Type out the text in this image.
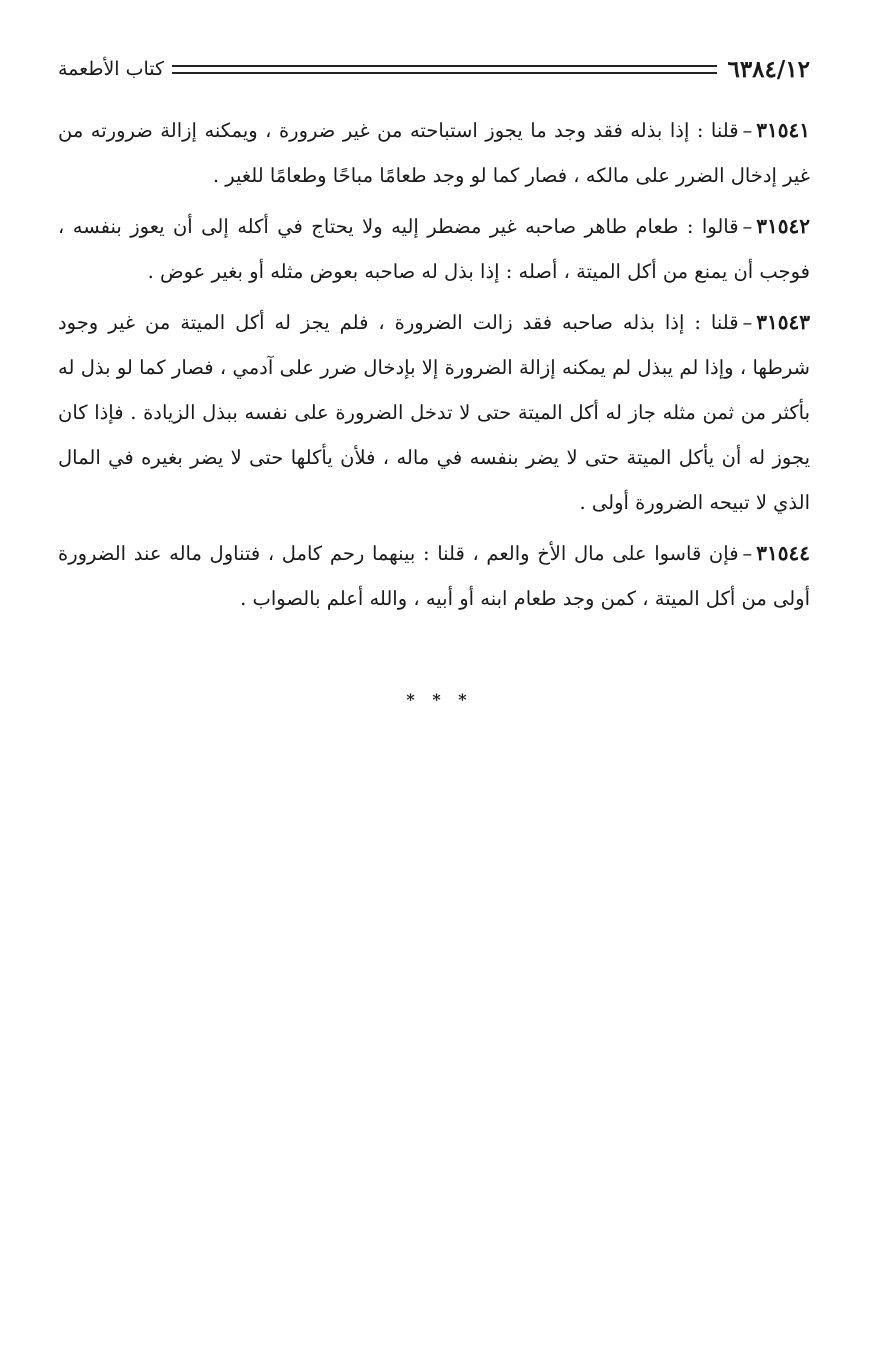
٦٣٨٤/١٢
كتاب الأطعمة

٣١٥٤١–قلنا : إذا بذله فقد وجد ما يجوز استباحته من غير ضرورة ، ويمكنه إزالة ضرورته من غير إدخال الضرر على مالكه ، فصار كما لو وجد طعامًا مباحًا وطعامًا للغير .

٣١٥٤٢–قالوا : طعام طاهر صاحبه غير مضطر إليه ولا يحتاج في أكله إلى أن يعوز بنفسه ، فوجب أن يمنع من أكل الميتة ، أصله : إذا بذل له صاحبه بعوض مثله أو بغير عوض .

٣١٥٤٣–قلنا : إذا بذله صاحبه فقد زالت الضرورة ، فلم يجز له أكل الميتة من غير وجود شرطها ، وإذا لم يبذل لم يمكنه إزالة الضرورة إلا بإدخال ضرر على آدمي ، فصار كما لو بذل له بأكثر من ثمن مثله جاز له أكل الميتة حتى لا تدخل الضرورة على نفسه ببذل الزيادة . فإذا كان يجوز له أن يأكل الميتة حتى لا يضر بنفسه في ماله ، فلأن يأكلها حتى لا يضر بغيره في المال الذي لا تبيحه الضرورة أولى .

٣١٥٤٤–فإن قاسوا على مال الأخ والعم ، قلنا : بينهما رحم كامل ، فتناول ماله عند الضرورة أولى من أكل الميتة ، كمن وجد طعام ابنه أو أبيه ، والله أعلم بالصواب .

* * *
